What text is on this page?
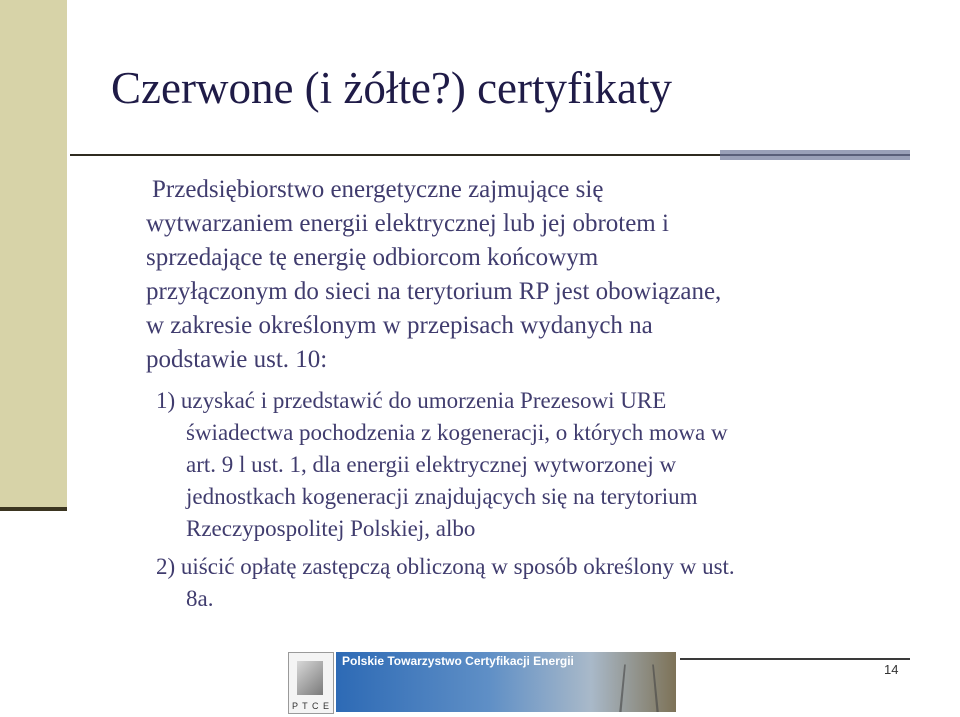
Czerwone (i żółte?) certyfikaty
Przedsiębiorstwo energetyczne zajmujące się
wytwarzaniem energii elektrycznej lub jej obrotem i
sprzedające tę energię odbiorcom końcowym
przyłączonym do sieci na terytorium RP jest obowiązane,
w zakresie określonym w przepisach wydanych na
podstawie ust. 10:
1) uzyskać i przedstawić do umorzenia Prezesowi URE
świadectwa pochodzenia z kogeneracji, o których mowa w
art. 9 l ust. 1, dla energii elektrycznej wytworzonej w
jednostkach kogeneracji znajdujących się na terytorium
Rzeczypospolitej Polskiej, albo
2) uiścić opłatę zastępczą obliczoną w sposób określony w ust.
8a.
P T C E
Polskie Towarzystwo Certyfikacji Energii
14
